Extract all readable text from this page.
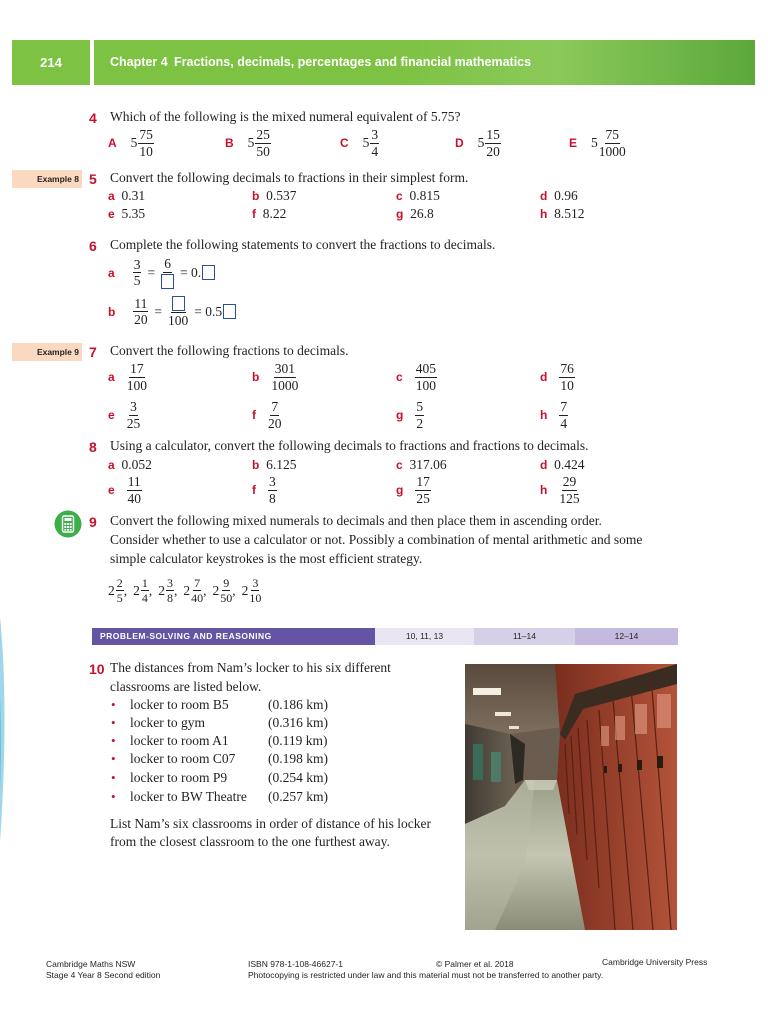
214	Chapter 4 Fractions, decimals, percentages and financial mathematics
4 Which of the following is the mixed numeral equivalent of 5.75?
A $5 \frac{75}{10}$	B $5 \frac{25}{50}$	C $5 \frac{3}{4}$	D $5 \frac{15}{20}$	E $5 \frac{75}{1000}$
Example 8 5 Convert the following decimals to fractions in their simplest form.
a 0.31	b 0.537	c 0.815	d 0.96
e 5.35	f 8.22	g 26.8	h 8.512
6 Complete the following statements to convert the fractions to decimals.
a $\frac{3}{5}$ =
6
= 0.
b $\frac{11}{20}$ =
100
= 0.5
Example 9 7 Convert the following fractions to decimals.
a $\frac{17}{100}$	b $\frac{301}{1000}$	c $\frac{405}{100}$	d $\frac{76}{10}$
e $\frac{3}{25}$	f $\frac{7}{20}$	g $\frac{5}{2}$	h $\frac{7}{4}$
8 Using a calculator, convert the following decimals to fractions and fractions to decimals.
a 0.052	b 6.125	c 317.06	d 0.424
e $\frac{11}{40}$	f $\frac{3}{8}$	g $\frac{17}{25}$	h $\frac{29}{125}$
9 Convert the following mixed numerals to decimals and then place them in ascending order.
Consider whether to use a calculator or not. Possibly a combination of mental arithmetic and some
simple calculator keystrokes is the most efficient strategy.
$2 \frac{2}{5}$ , $2 \frac{1}{4}$ , $2 \frac{3}{8}$ , $2 \frac{7}{40}$ , $2 \frac{9}{50}$ , $2 \frac{3}{10}$
PROBLEM-SOLVING AND REASONING	10, 11, 13	11–14	12–14
10 The distances from Nam’s locker to his six different
classrooms are listed below.
• locker to room B5	(0.186 km)
• locker to gym	(0.316 km)
• locker to room A1	(0.119 km)
• locker to room C07 (0.198 km)
• locker to room P9	(0.254 km)
• locker to BW Theatre (0.257 km)
List Nam’s six classrooms in order of distance of his locker
from the closest classroom to the one furthest away.
Cambridge Maths NSW
Stage 4 Year 8 Second edition
ISBN 978-1-108-46627-1	© Palmer et al. 2018	Cambridge University Press
Photocopying is restricted under law and this material must not be transferred to another party.
